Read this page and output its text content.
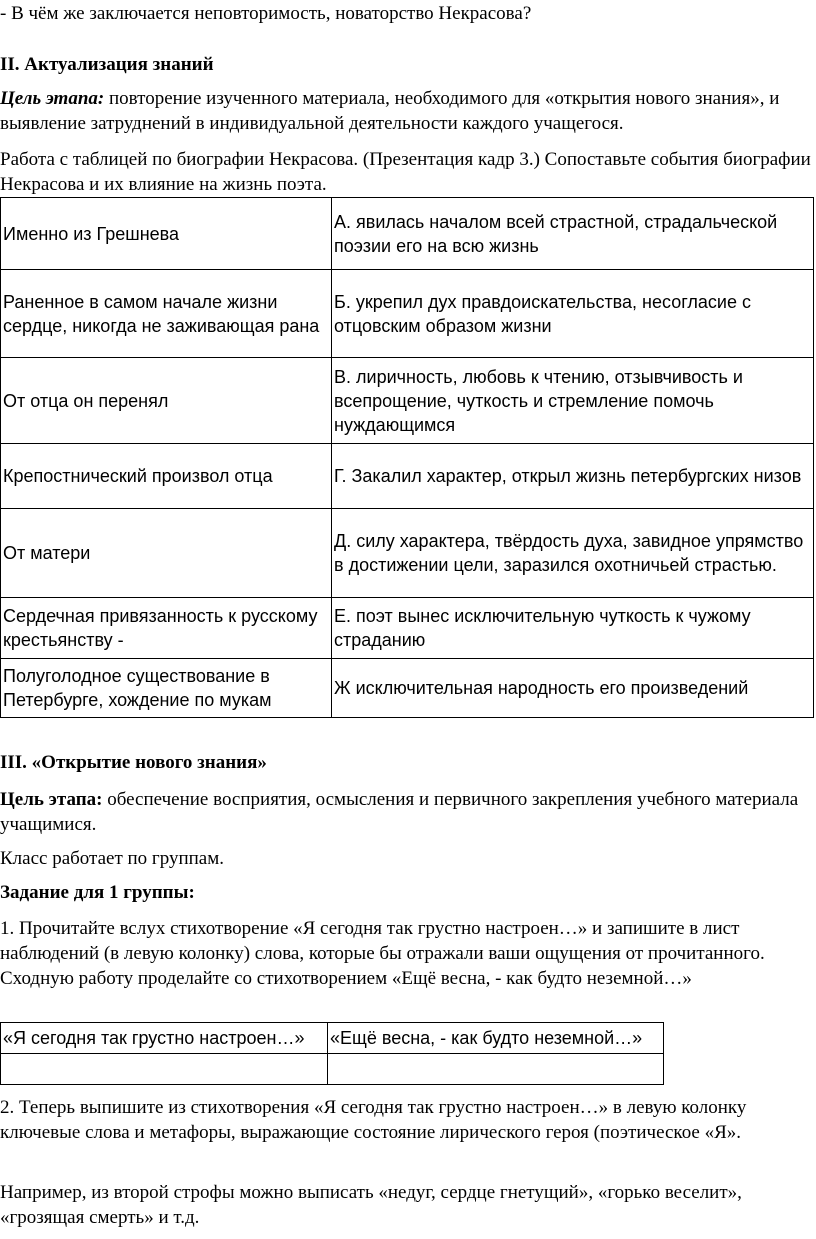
- В чём же заключается неповторимость, новаторство Некрасова?

II. Актуализация знаний

Цель этапа: повторение изученного материала, необходимого для «открытия нового знания», и выявление затруднений в индивидуальной деятельности каждого учащегося.

Работа с таблицей по биографии Некрасова. (Презентация кадр 3.) Сопоставьте события биографии Некрасова и их влияние на жизнь поэта.

Именно из Грешнева	А. явилась началом всей страстной, страдальческой поэзии его на всю жизнь
Раненное в самом начале жизни сердце, никогда не заживающая рана	Б. укрепил дух правдоискательства, несогласие с отцовским образом жизни
От отца он перенял	В. лиричность, любовь к чтению, отзывчивость и всепрощение, чуткость и стремление помочь нуждающимся
Крепостнический произвол отца	Г. Закалил характер, открыл жизнь петербургских низов
От матери	Д. силу характера, твёрдость духа, завидное упрямство в достижении цели, заразился охотничьей страстью.
Сердечная привязанность к русскому крестьянству -	Е. поэт вынес исключительную чуткость к чужому страданию
Полуголодное существование в Петербурге, хождение по мукам	Ж исключительная народность его произведений

III. «Открытие нового знания»

Цель этапа: обеспечение восприятия, осмысления и первичного закрепления учебного материала учащимися.

Класс работает по группам.

Задание для 1 группы:

1. Прочитайте вслух стихотворение «Я сегодня так грустно настроен…» и запишите в лист наблюдений (в левую колонку) слова, которые бы отражали ваши ощущения от прочитанного. Сходную работу проделайте со стихотворением «Ещё весна, - как будто неземной…»

«Я сегодня так грустно настроен…»	«Ещё весна, - как будто неземной…»

2. Теперь выпишите из стихотворения «Я сегодня так грустно настроен…» в левую колонку ключевые слова и метафоры, выражающие состояние лирического героя (поэтическое «Я».

Например, из второй строфы можно выписать «недуг, сердце гнетущий», «горько веселит», «грозящая смерть» и т.д.
